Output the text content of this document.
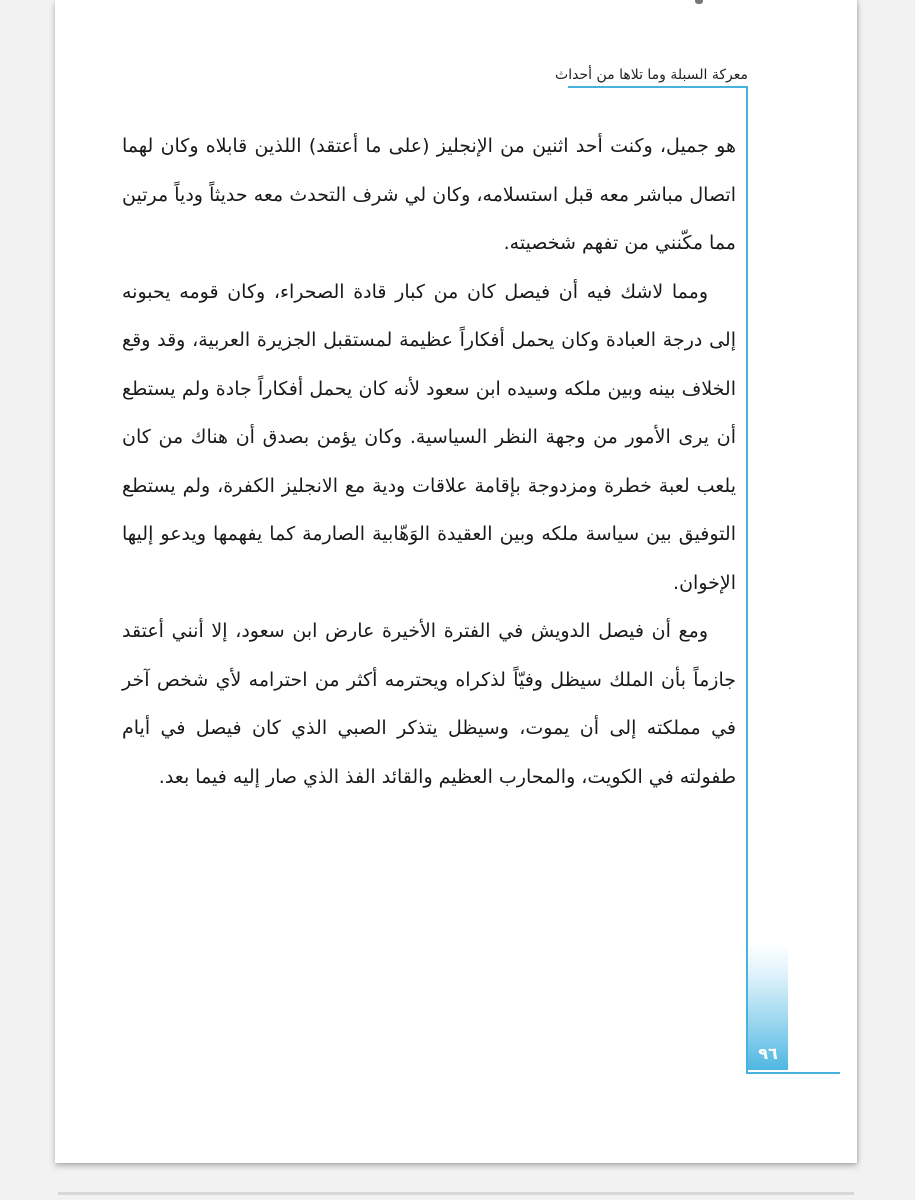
معركة السبلة وما تلاها من أحداث
٩٦

هو جميل، وكنت أحد اثنين من الإنجليز (على ما أعتقد) اللذين قابلاه وكان لهما اتصال مباشر معه قبل استسلامه، وكان لي شرف التحدث معه حديثاً ودياً مرتين مما مكّنني من تفهم شخصيته.

ومما لاشك فيه أن فيصل كان من كبار قادة الصحراء، وكان قومه يحبونه إلى درجة العبادة وكان يحمل أفكاراً عظيمة لمستقبل الجزيرة العربية، وقد وقع الخلاف بينه وبين ملكه وسيده ابن سعود لأنه كان يحمل أفكاراً جادة ولم يستطع أن يرى الأمور من وجهة النظر السياسية. وكان يؤمن بصدق أن هناك من كان يلعب لعبة خطرة ومزدوجة بإقامة علاقات ودية مع الانجليز الكفرة، ولم يستطع التوفيق بين سياسة ملكه وبين العقيدة الوَهّابية الصارمة كما يفهمها ويدعو إليها الإخوان.

ومع أن فيصل الدويش في الفترة الأخيرة عارض ابن سعود، إلا أنني أعتقد جازماً بأن الملك سيظل وفيّاً لذكراه ويحترمه أكثر من احترامه لأي شخص آخر في مملكته إلى أن يموت، وسيظل يتذكر الصبي الذي كان فيصل في أيام طفولته في الكويت، والمحارب العظيم والقائد الفذ الذي صار إليه فيما بعد.
